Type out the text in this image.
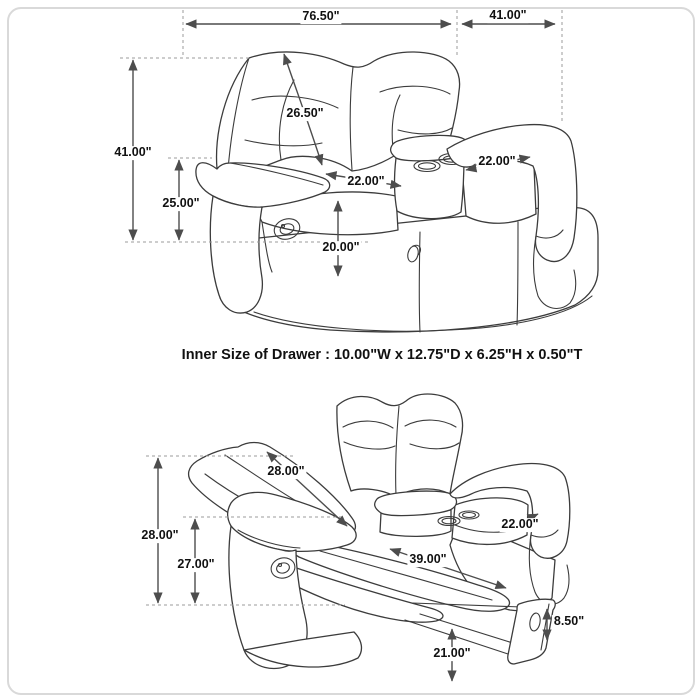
76.50"	41.00"
41.00"
25.00"
26.50"
22.00"
22.00"
20.00"
Inner Size of Drawer : 10.00"W x 12.75"D x 6.25"H x 0.50"T
28.00"
27.00"
28.00"
22.00"
39.00"
8.50"
21.00"
